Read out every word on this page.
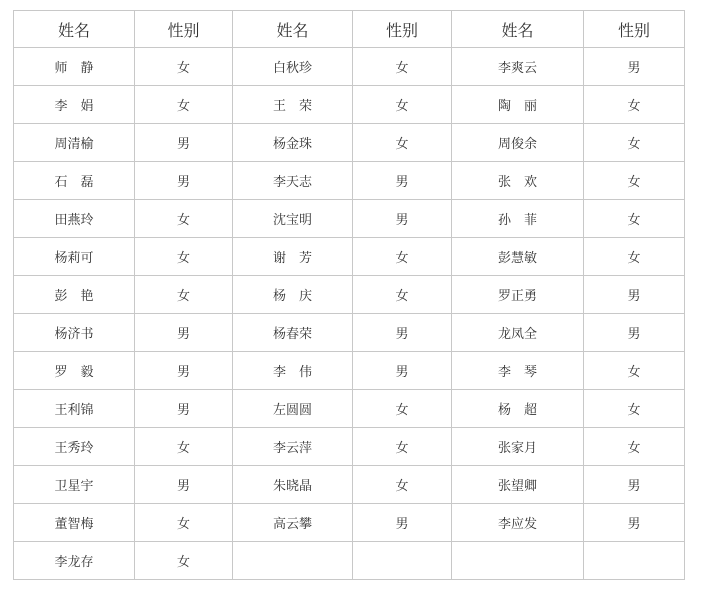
姓名	性别	姓名	性别	姓名	性别
师　静	女	白秋珍	女	李爽云	男
李　娟	女	王　荣	女	陶　丽	女
周清榆	男	杨金珠	女	周俊余	女
石　磊	男	李天志	男	张　欢	女
田燕玲	女	沈宝明	男	孙　菲	女
杨莉可	女	谢　芳	女	彭慧敏	女
彭　艳	女	杨　庆	女	罗正勇	男
杨济书	男	杨春荣	男	龙凤全	男
罗　毅	男	李　伟	男	李　琴	女
王利锦	男	左圆圆	女	杨　超	女
王秀玲	女	李云萍	女	张家月	女
卫星宇	男	朱晓晶	女	张望卿	男
董智梅	女	高云攀	男	李应发	男
李龙存	女				
